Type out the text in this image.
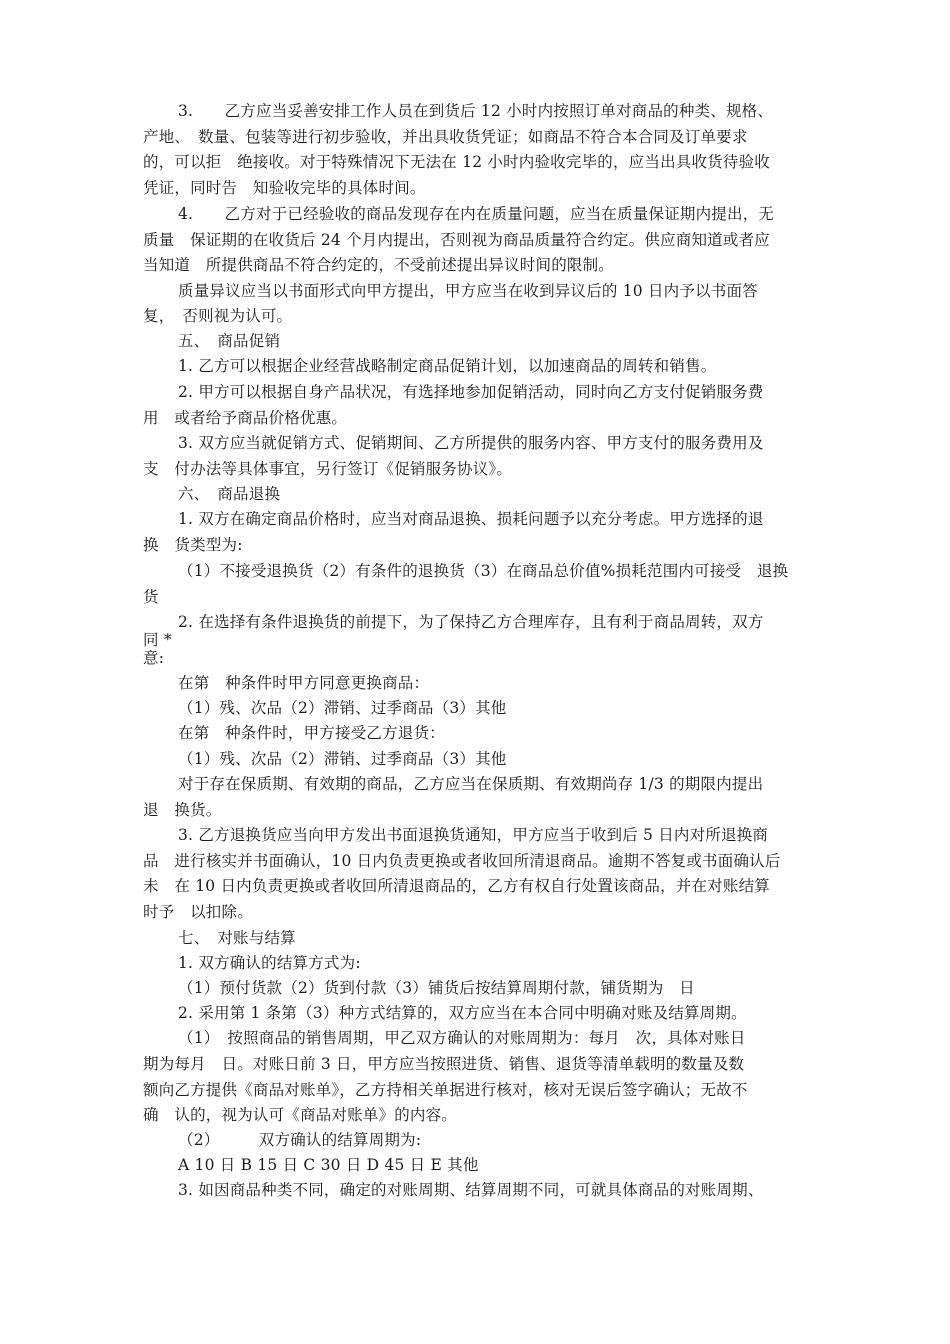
3.　　乙方应当妥善安排工作人员在到货后 12 小时内按照订单对商品的种类、规格、

产地、　数量、包装等进行初步验收，并出具收货凭证；如商品不符合本合同及订单要求

的，可以拒　绝接收。对于特殊情况下无法在 12 小时内验收完毕的，应当出具收货待验收

凭证，同时告　知验收完毕的具体时间。

4.　　乙方对于已经验收的商品发现存在内在质量问题，应当在质量保证期内提出，无

质量　保证期的在收货后 24 个月内提出，否则视为商品质量符合约定。供应商知道或者应

当知道　所提供商品不符合约定的，不受前述提出异议时间的限制。

质量异议应当以书面形式向甲方提出，甲方应当在收到异议后的 10 日内予以书面答

复，　否则视为认可。

五、　商品促销

1. 乙方可以根据企业经营战略制定商品促销计划，以加速商品的周转和销售。

2. 甲方可以根据自身产品状况，有选择地参加促销活动，同时向乙方支付促销服务费

用　或者给予商品价格优惠。

3. 双方应当就促销方式、促销期间、乙方所提供的服务内容、甲方支付的服务费用及

支　付办法等具体事宜，另行签订《促销服务协议》。

六、　商品退换

1. 双方在确定商品价格时，应当对商品退换、损耗问题予以充分考虑。甲方选择的退

换　货类型为:

（1）不接受退换货（2）有条件的退换货（3）在商品总价值%损耗范围内可接受　退换

货

2. 在选择有条件退换货的前提下，为了保持乙方合理库存，且有利于商品周转，双方

同 *

意:

在第　种条件时甲方同意更换商品：

（1）残、次品（2）滞销、过季商品（3）其他

在第　种条件时，甲方接受乙方退货：

（1）残、次品（2）滞销、过季商品（3）其他

对于存在保质期、有效期的商品，乙方应当在保质期、有效期尚存 1/3 的期限内提出

退　换货。

3. 乙方退换货应当向甲方发出书面退换货通知，甲方应当于收到后 5 日内对所退换商

品　进行核实并书面确认，10 日内负责更换或者收回所清退商品。逾期不答复或书面确认后

未　在 10 日内负责更换或者收回所清退商品的，乙方有权自行处置该商品，并在对账结算

时予　以扣除。

七、　对账与结算

1. 双方确认的结算方式为:

（1）预付货款（2）货到付款（3）铺货后按结算周期付款，铺货期为　日

2. 采用第 1 条第（3）种方式结算的，双方应当在本合同中明确对账及结算周期。

（1）　按照商品的销售周期，甲乙双方确认的对账周期为：每月　次，具体对账日

期为每月　日。对账日前 3 日，甲方应当按照进货、销售、退货等清单载明的数量及数

额向乙方提供《商品对账单》，乙方持相关单据进行核对，核对无误后签字确认；无故不

确　认的，视为认可《商品对账单》的内容。

（2）　　　双方确认的结算周期为:

A 10 日 B 15 日 C 30 日 D 45 日 E 其他

3. 如因商品种类不同，确定的对账周期、结算周期不同，可就具体商品的对账周期、
